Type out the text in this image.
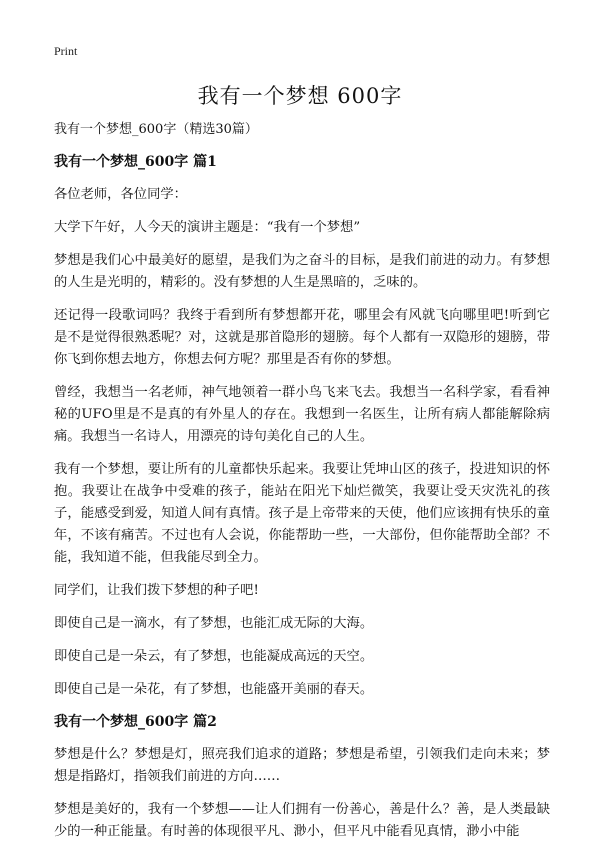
Print
我有一个梦想 600字
我有一个梦想_600字（精选30篇）
我有一个梦想_600字 篇1

各位老师，各位同学：

大学下午好，人今天的演讲主题是：“我有一个梦想”

梦想是我们心中最美好的愿望，是我们为之奋斗的目标，是我们前进的动力。有梦想的人生是光明的，精彩的。没有梦想的人生是黑暗的，乏味的。

还记得一段歌词吗？我终于看到所有梦想都开花，哪里会有风就飞向哪里吧!听到它是不是觉得很熟悉呢？对，这就是那首隐形的翅膀。每个人都有一双隐形的翅膀，带你飞到你想去地方，你想去何方呢？那里是否有你的梦想。

曾经，我想当一名老师，神气地领着一群小鸟飞来飞去。我想当一名科学家，看看神秘的UFO里是不是真的有外星人的存在。我想到一名医生，让所有病人都能解除病痛。我想当一名诗人，用漂亮的诗句美化自己的人生。

我有一个梦想，要让所有的儿童都快乐起来。我要让凭坤山区的孩子，投进知识的怀抱。我要让在战争中受难的孩子，能站在阳光下灿烂微笑，我要让受天灾洗礼的孩子，能感受到爱，知道人间有真情。孩子是上帝带来的天使，他们应该拥有快乐的童年，不该有痛苦。不过也有人会说，你能帮助一些，一大部份，但你能帮助全部？不能，我知道不能，但我能尽到全力。

同学们，让我们拨下梦想的种子吧!

即使自己是一滴水，有了梦想，也能汇成无际的大海。

即使自己是一朵云，有了梦想，也能凝成高远的天空。

即使自己是一朵花，有了梦想，也能盛开美丽的春天。

我有一个梦想_600字 篇2

梦想是什么？梦想是灯，照亮我们追求的道路；梦想是希望，引领我们走向未来；梦想是指路灯，指领我们前进的方向……

梦想是美好的，我有一个梦想——让人们拥有一份善心，善是什么？善，是人类最缺少的一种正能量。有时善的体现很平凡、渺小，但平凡中能看见真情，渺小中能
